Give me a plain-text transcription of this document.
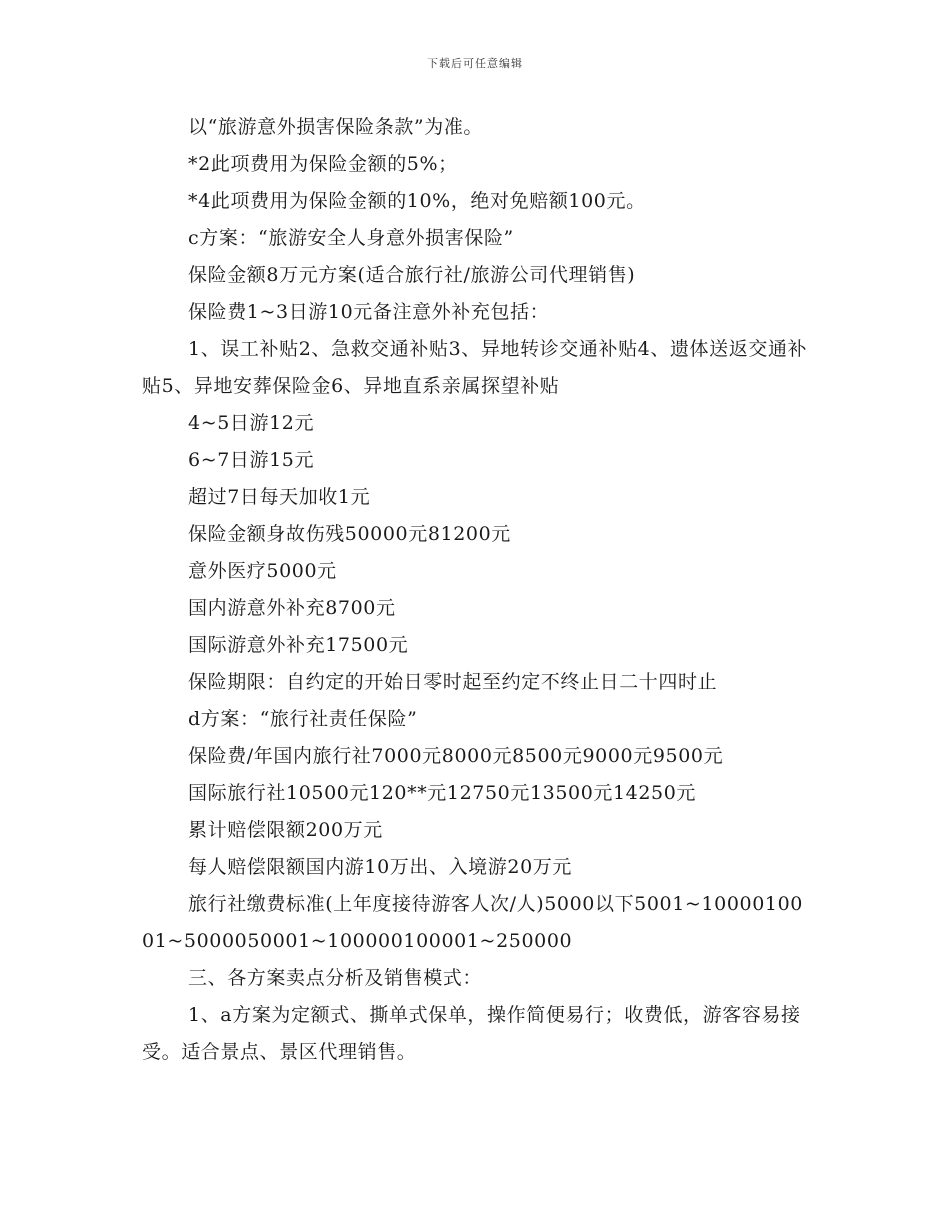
下载后可任意编辑

以“旅游意外损害保险条款”为准。

*2此项费用为保险金额的5%；

*4此项费用为保险金额的10%，绝对免赔额100元。

c方案：“旅游安全人身意外损害保险”

保险金额8万元方案(适合旅行社/旅游公司代理销售)

保险费1~3日游10元备注意外补充包括：

1、误工补贴2、急救交通补贴3、异地转诊交通补贴4、遗体送返交通补贴5、异地安葬保险金6、异地直系亲属探望补贴

4~5日游12元

6~7日游15元

超过7日每天加收1元

保险金额身故伤残50000元81200元

意外医疗5000元

国内游意外补充8700元

国际游意外补充17500元

保险期限：自约定的开始日零时起至约定不终止日二十四时止

d方案：“旅行社责任保险”

保险费/年国内旅行社7000元8000元8500元9000元9500元

国际旅行社10500元120**元12750元13500元14250元

累计赔偿限额200万元

每人赔偿限额国内游10万出、入境游20万元

旅行社缴费标准(上年度接待游客人次/人)5000以下5001~1000010001~5000050001~100000100001~250000

三、各方案卖点分析及销售模式：

1、a方案为定额式、撕单式保单，操作简便易行；收费低，游客容易接受。适合景点、景区代理销售。
